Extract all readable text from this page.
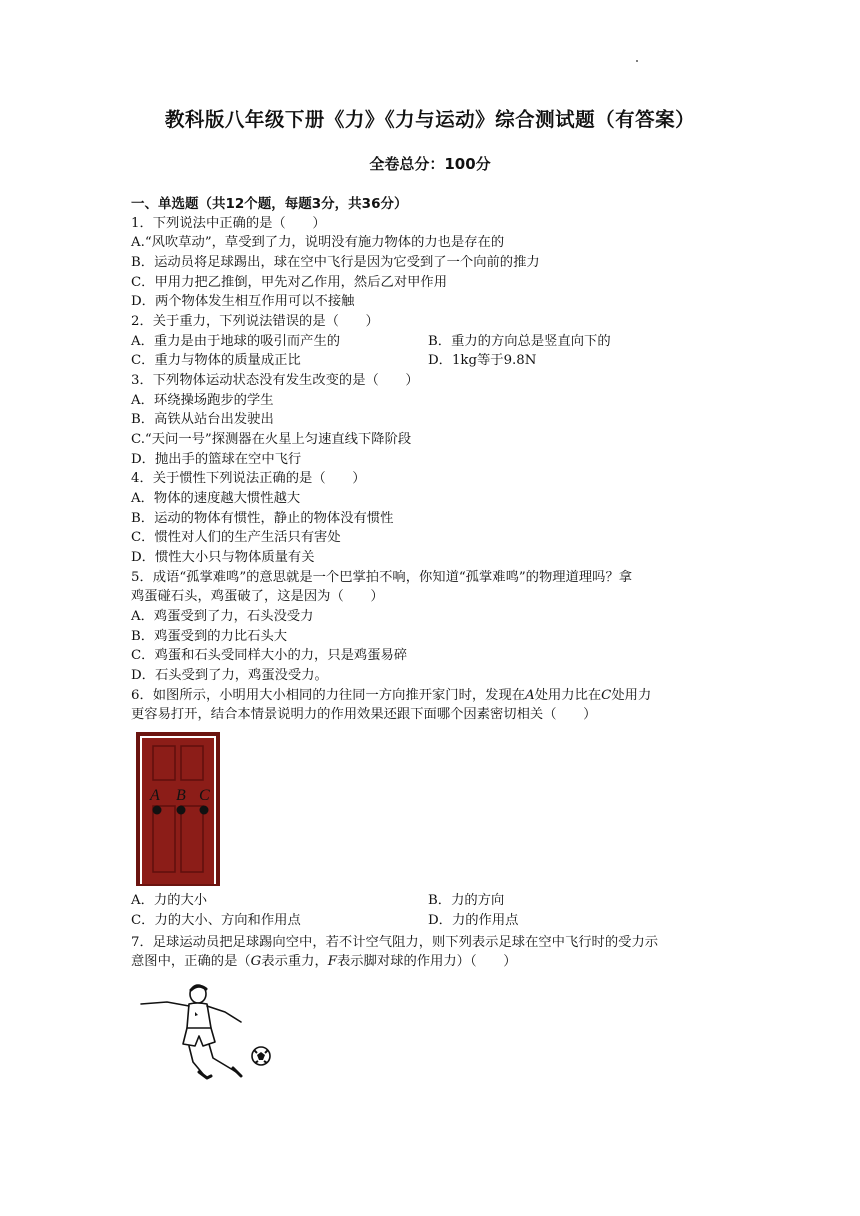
教科版八年级下册《力》《力与运动》综合测试题（有答案）
全卷总分：100分
一、单选题（共12个题，每题3分，共36分）
1．下列说法中正确的是（　　）
A.“风吹草动”，草受到了力，说明没有施力物体的力也是存在的
B．运动员将足球踢出，球在空中飞行是因为它受到了一个向前的推力
C．甲用力把乙推倒，甲先对乙作用，然后乙对甲作用
D．两个物体发生相互作用可以不接触
2．关于重力，下列说法错误的是（　　）
A．重力是由于地球的吸引而产生的	B．重力的方向总是竖直向下的
C．重力与物体的质量成正比	D．1kg等于9.8N
3．下列物体运动状态没有发生改变的是（　　）
A．环绕操场跑步的学生
B．高铁从站台出发驶出
C.“天问一号”探测器在火星上匀速直线下降阶段
D．抛出手的篮球在空中飞行
4．关于惯性下列说法正确的是（　　）
A．物体的速度越大惯性越大
B．运动的物体有惯性，静止的物体没有惯性
C．惯性对人们的生产生活只有害处
D．惯性大小只与物体质量有关
5．成语“孤掌难鸣”的意思就是一个巴掌拍不响，你知道“孤掌难鸣”的物理道理吗？拿
鸡蛋碰石头，鸡蛋破了，这是因为（　　）
A．鸡蛋受到了力，石头没受力
B．鸡蛋受到的力比石头大
C．鸡蛋和石头受同样大小的力，只是鸡蛋易碎
D．石头受到了力，鸡蛋没受力。
6．如图所示，小明用大小相同的力往同一方向推开家门时，发现在A处用力比在C处用力
更容易打开，结合本情景说明力的作用效果还跟下面哪个因素密切相关（　　）
A B C
A．力的大小	B．力的方向
C．力的大小、方向和作用点	D．力的作用点
7．足球运动员把足球踢向空中，若不计空气阻力，则下列表示足球在空中飞行时的受力示
意图中，正确的是（G表示重力，F表示脚对球的作用力）（　　）
